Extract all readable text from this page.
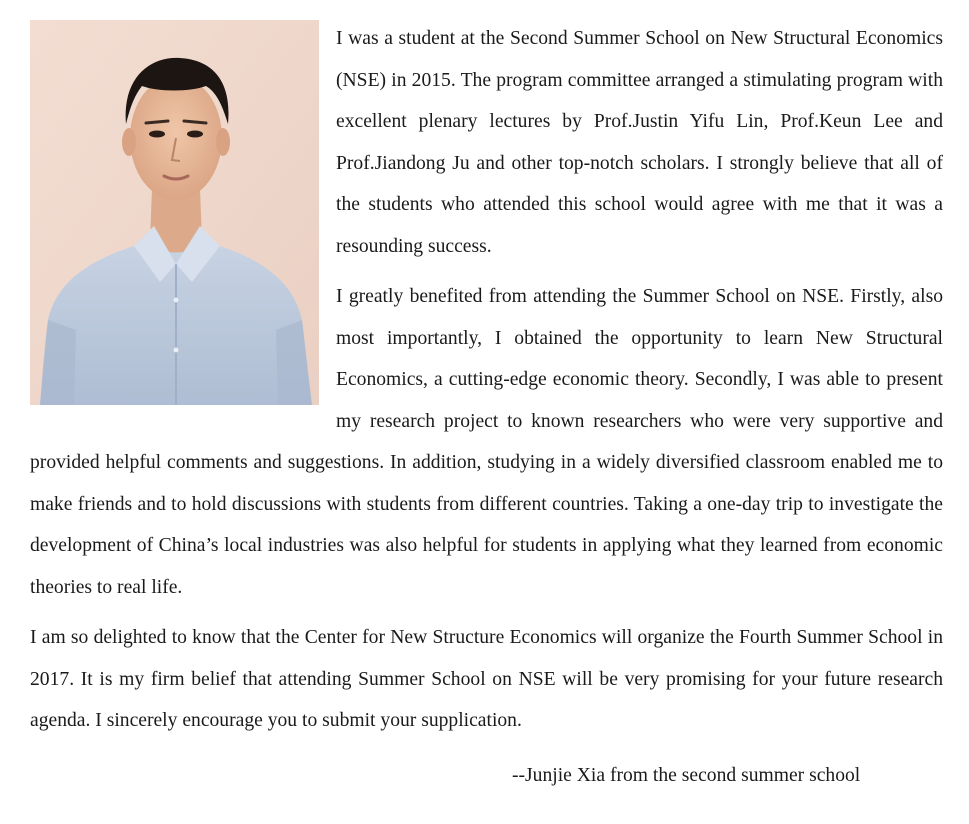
I was a student at the Second Summer School on New Structural Economics (NSE) in 2015. The program committee arranged a stimulating program with excellent plenary lectures by Prof.Justin Yifu Lin, Prof.Keun Lee and Prof.Jiandong Ju and other top-notch scholars. I strongly believe that all of the students who attended this school would agree with me that it was a resounding success.

I greatly benefited from attending the Summer School on NSE. Firstly, also most importantly, I obtained the opportunity to learn New Structural Economics, a cutting-edge economic theory. Secondly, I was able to present my research project to known researchers who were very supportive and provided helpful comments and suggestions. In addition, studying in a widely diversified classroom enabled me to make friends and to hold discussions with students from different countries. Taking a one-day trip to investigate the development of China’s local industries was also helpful for students in applying what they learned from economic theories to real life.

I am so delighted to know that the Center for New Structure Economics will organize the Fourth Summer School in 2017. It is my firm belief that attending Summer School on NSE will be very promising for your future research agenda. I sincerely encourage you to submit your supplication.

--Junjie Xia from the second summer school
